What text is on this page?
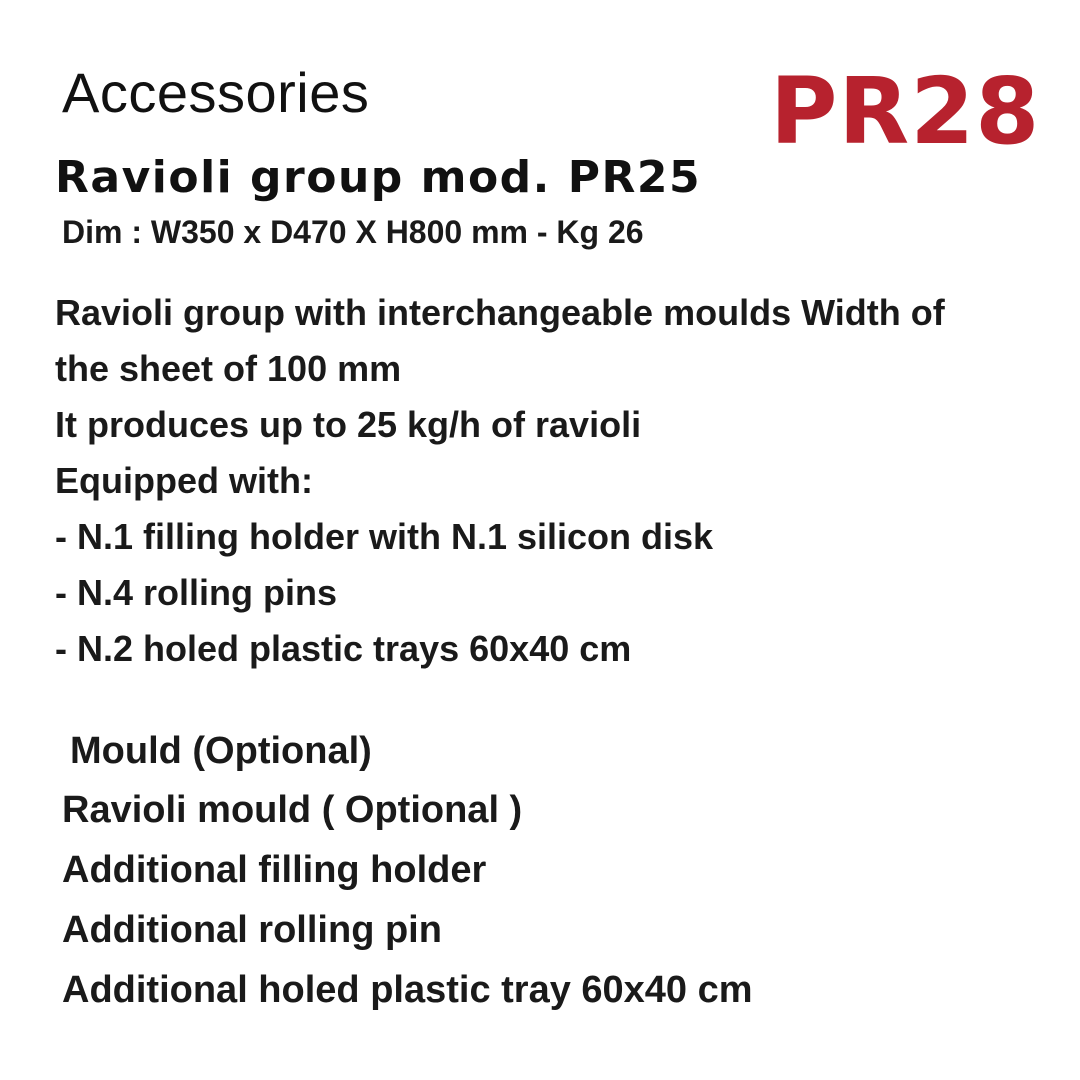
Accessories	PR28
Ravioli group mod. PR25
Dim : W350 x D470 X H800 mm - Kg 26
Ravioli group with interchangeable moulds Width of
the sheet of 100 mm
It produces up to 25 kg/h of ravioli
Equipped with:
- N.1 filling holder with N.1 silicon disk
- N.4 rolling pins
- N.2 holed plastic trays 60x40 cm
Mould (Optional)
Ravioli mould ( Optional )
Additional filling holder
Additional rolling pin
Additional holed plastic tray 60x40 cm
